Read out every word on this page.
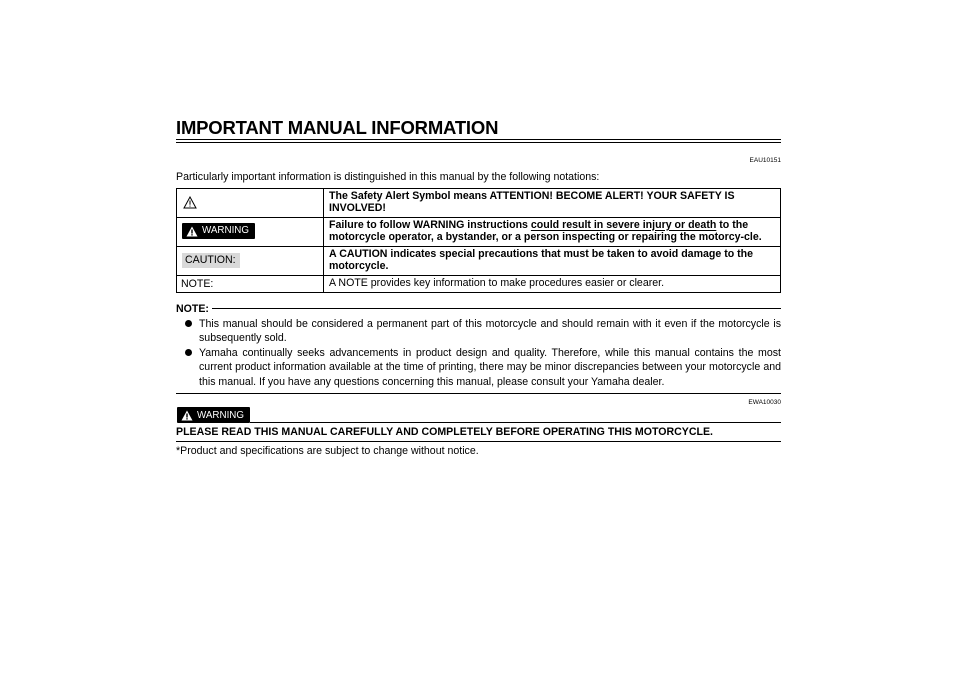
IMPORTANT MANUAL INFORMATION
EAU10151
Particularly important information is distinguished in this manual by the following notations:
	The Safety Alert Symbol means ATTENTION! BECOME ALERT! YOUR SAFETY IS INVOLVED!

WARNING	Failure to follow WARNING instructions could result in severe injury or death to the motorcycle operator, a bystander, or a person inspecting or repairing the motorcy-cle.
CAUTION:	A CAUTION indicates special precautions that must be taken to avoid damage to the motorcycle.
NOTE:	A NOTE provides key information to make procedures easier or clearer.
NOTE:
This manual should be considered a permanent part of this motorcycle and should remain with it even if the motorcycle is subsequently sold.
Yamaha continually seeks advancements in product design and quality. Therefore, while this manual contains the most current product information available at the time of printing, there may be minor discrepancies between your motorcycle and this manual. If you have any questions concerning this manual, please consult your Yamaha dealer.
EWA10030
WARNING
PLEASE READ THIS MANUAL CAREFULLY AND COMPLETELY BEFORE OPERATING THIS MOTORCYCLE.
*Product and specifications are subject to change without notice.
